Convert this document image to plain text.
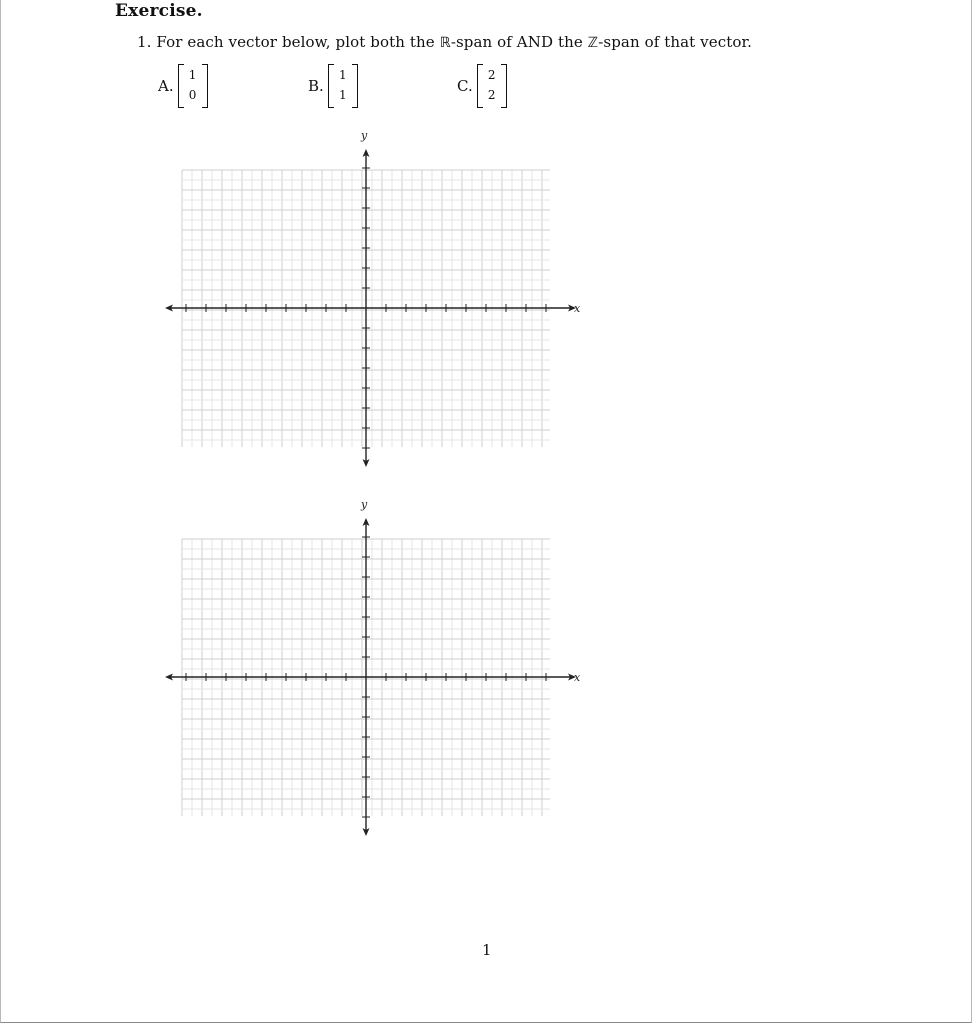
Exercise.
1. For each vector below, plot both the ℝ-span of AND the ℤ-span of that vector.
A.
1
0	B.
1
1	C.
2
2
x
y
x
y
1
